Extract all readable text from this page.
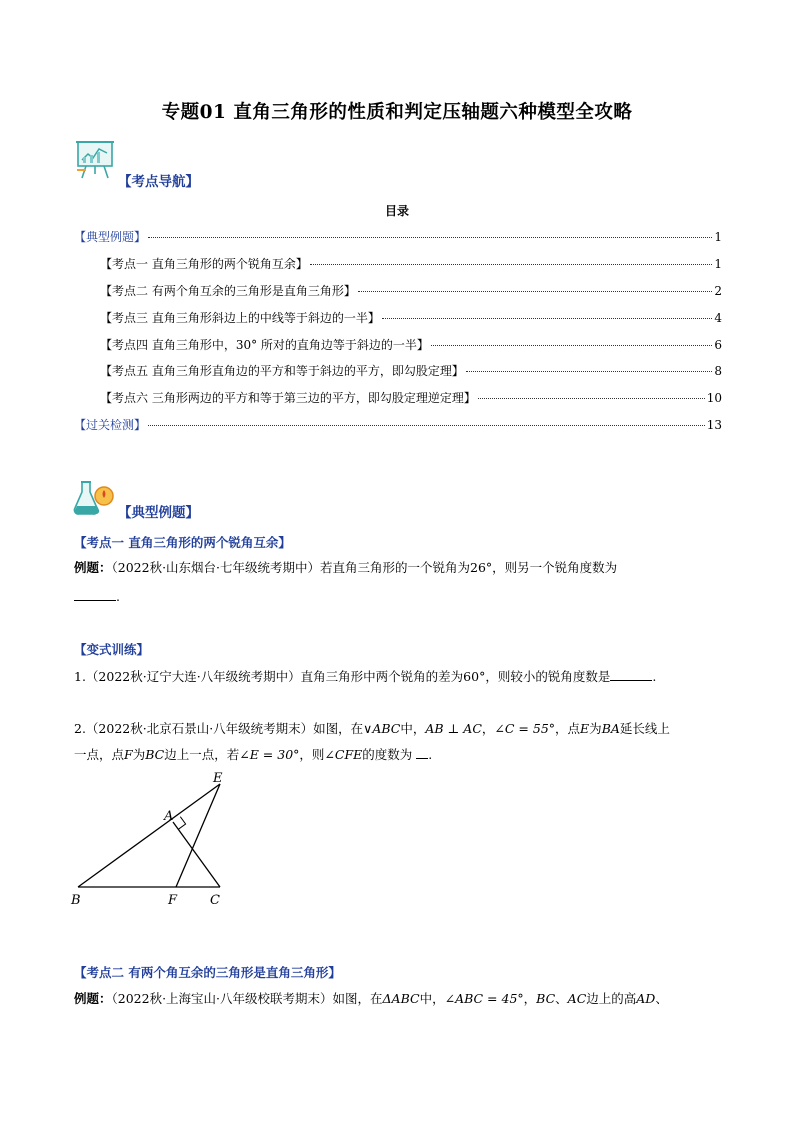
专题01 直角三角形的性质和判定压轴题六种模型全攻略
【考点导航】
目录
【典型例题】	1
【考点一 直角三角形的两个锐角互余】	1
【考点二 有两个角互余的三角形是直角三角形】	2
【考点三 直角三角形斜边上的中线等于斜边的一半】	4
【考点四 直角三角形中，30° 所对的直角边等于斜边的一半】	6
【考点五 直角三角形直角边的平方和等于斜边的平方，即勾股定理】	8
【考点六 三角形两边的平方和等于第三边的平方，即勾股定理逆定理】	10
【过关检测】	13
【典型例题】
【考点一 直角三角形的两个锐角互余】
例题：（2022秋·山东烟台·七年级统考期中）若直角三角形的一个锐角为26°，则另一个锐角度数为
.
【变式训练】
1.（2022秋·辽宁大连·八年级统考期中）直角三角形中两个锐角的差为60°，则较小的锐角度数是	.
2.（2022秋·北京石景山·八年级统考期末）如图，在∨ABC中，AB ⊥ AC，∠C = 55°，点E为BA延长线上
一点，点F为BC边上一点，若∠E = 30°，则∠CFE的度数为 .
A
B	C
E
F
【考点二 有两个角互余的三角形是直角三角形】
例题：（2022秋·上海宝山·八年级校联考期末）如图，在ΔABC中，∠ABC = 45°，BC、AC边上的高AD、
